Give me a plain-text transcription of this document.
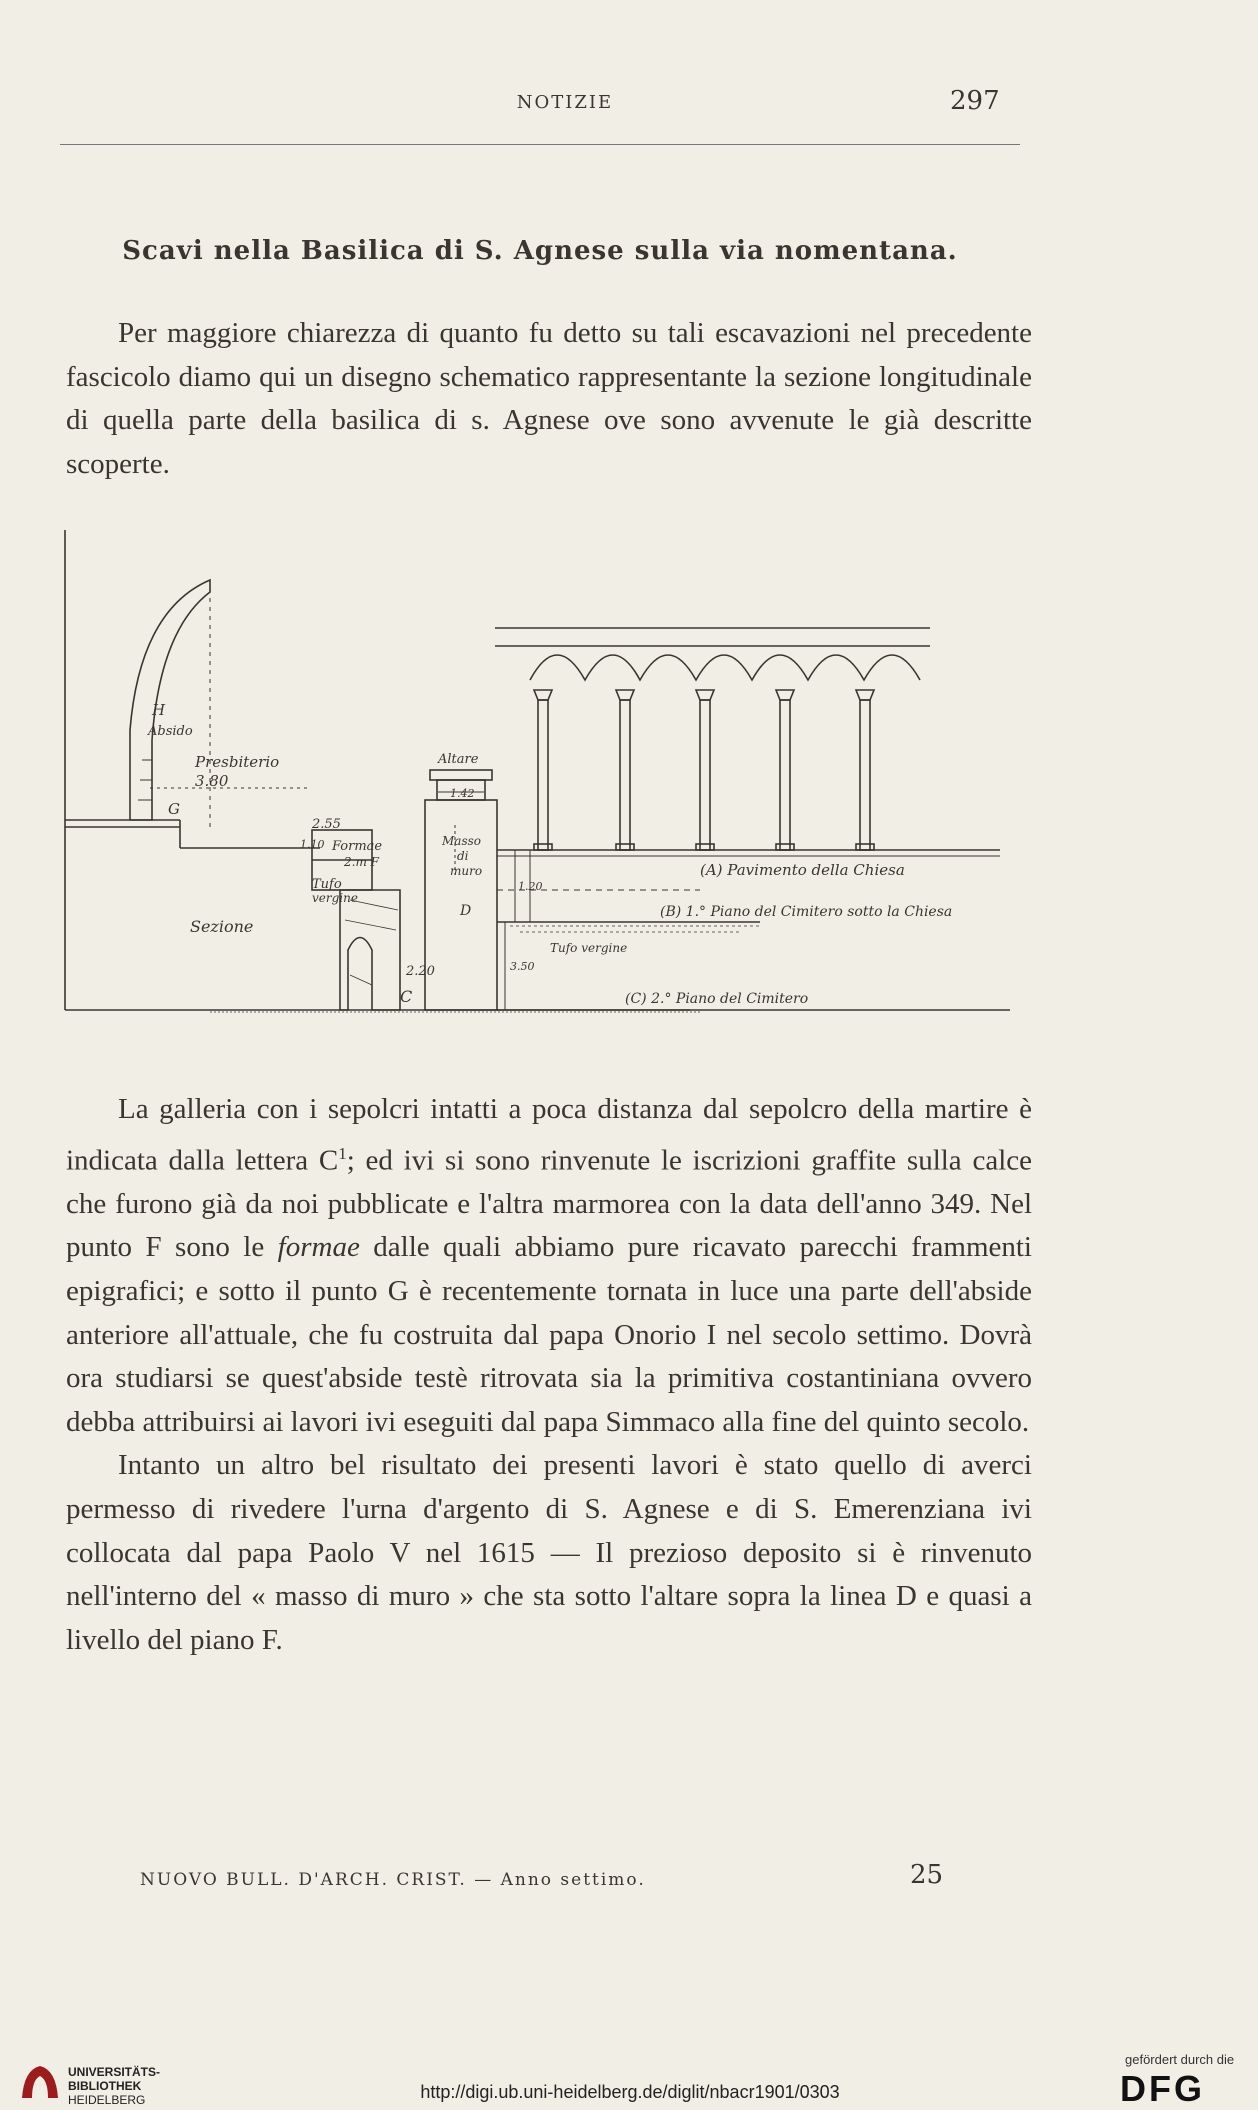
NOTIZIE	297
Scavi nella Basilica di S. Agnese sulla via nomentana.

Per maggiore chiarezza di quanto fu detto su tali escavazioni nel precedente fascicolo diamo qui un disegno schematico rappresentante la sezione longitudinale di quella parte della basilica di s. Agnese ove sono avvenute le già descritte scoperte.

H
Absido
Presbiterio
3.80
G
2.55
Formae
2.m F
1.10
Tufo
vergine
Sezione
Altare
1.42
Masso
di
muro
D
1.20
2.20
C
3.50
(A) Pavimento della Chiesa
(B) 1.° Piano del Cimitero sotto la Chiesa
Tufo vergine
(C) 2.° Piano del Cimitero

La galleria con i sepolcri intatti a poca distanza dal sepolcro della martire è indicata dalla lettera $C^1$; ed ivi si sono rinvenute le iscrizioni graffite sulla calce che furono già da noi pubblicate e l'altra marmorea con la data dell'anno 349. Nel punto F sono le formae dalle quali abbiamo pure ricavato parecchi frammenti epigrafici; e sotto il punto G è recentemente tornata in luce una parte dell'abside anteriore all'attuale, che fu costruita dal papa Onorio I nel secolo settimo. Dovrà ora studiarsi se quest'abside testè ritrovata sia la primitiva costantiniana ovvero debba attribuirsi ai lavori ivi eseguiti dal papa Simmaco alla fine del quinto secolo.

Intanto un altro bel risultato dei presenti lavori è stato quello di averci permesso di rivedere l'urna d'argento di S. Agnese e di S. Emerenziana ivi collocata dal papa Paolo V nel 1615 — Il prezioso deposito si è rinvenuto nell'interno del « masso di muro » che sta sotto l'altare sopra la linea D e quasi a livello del piano F.

NUOVO BULL. D'ARCH. CRIST. — Anno settimo.	25
UNIVERSITÄTS-
BIBLIOTHEK
HEIDELBERG	http://digi.ub.uni-heidelberg.de/diglit/nbacr1901/0303
gefördert durch die
DFG
